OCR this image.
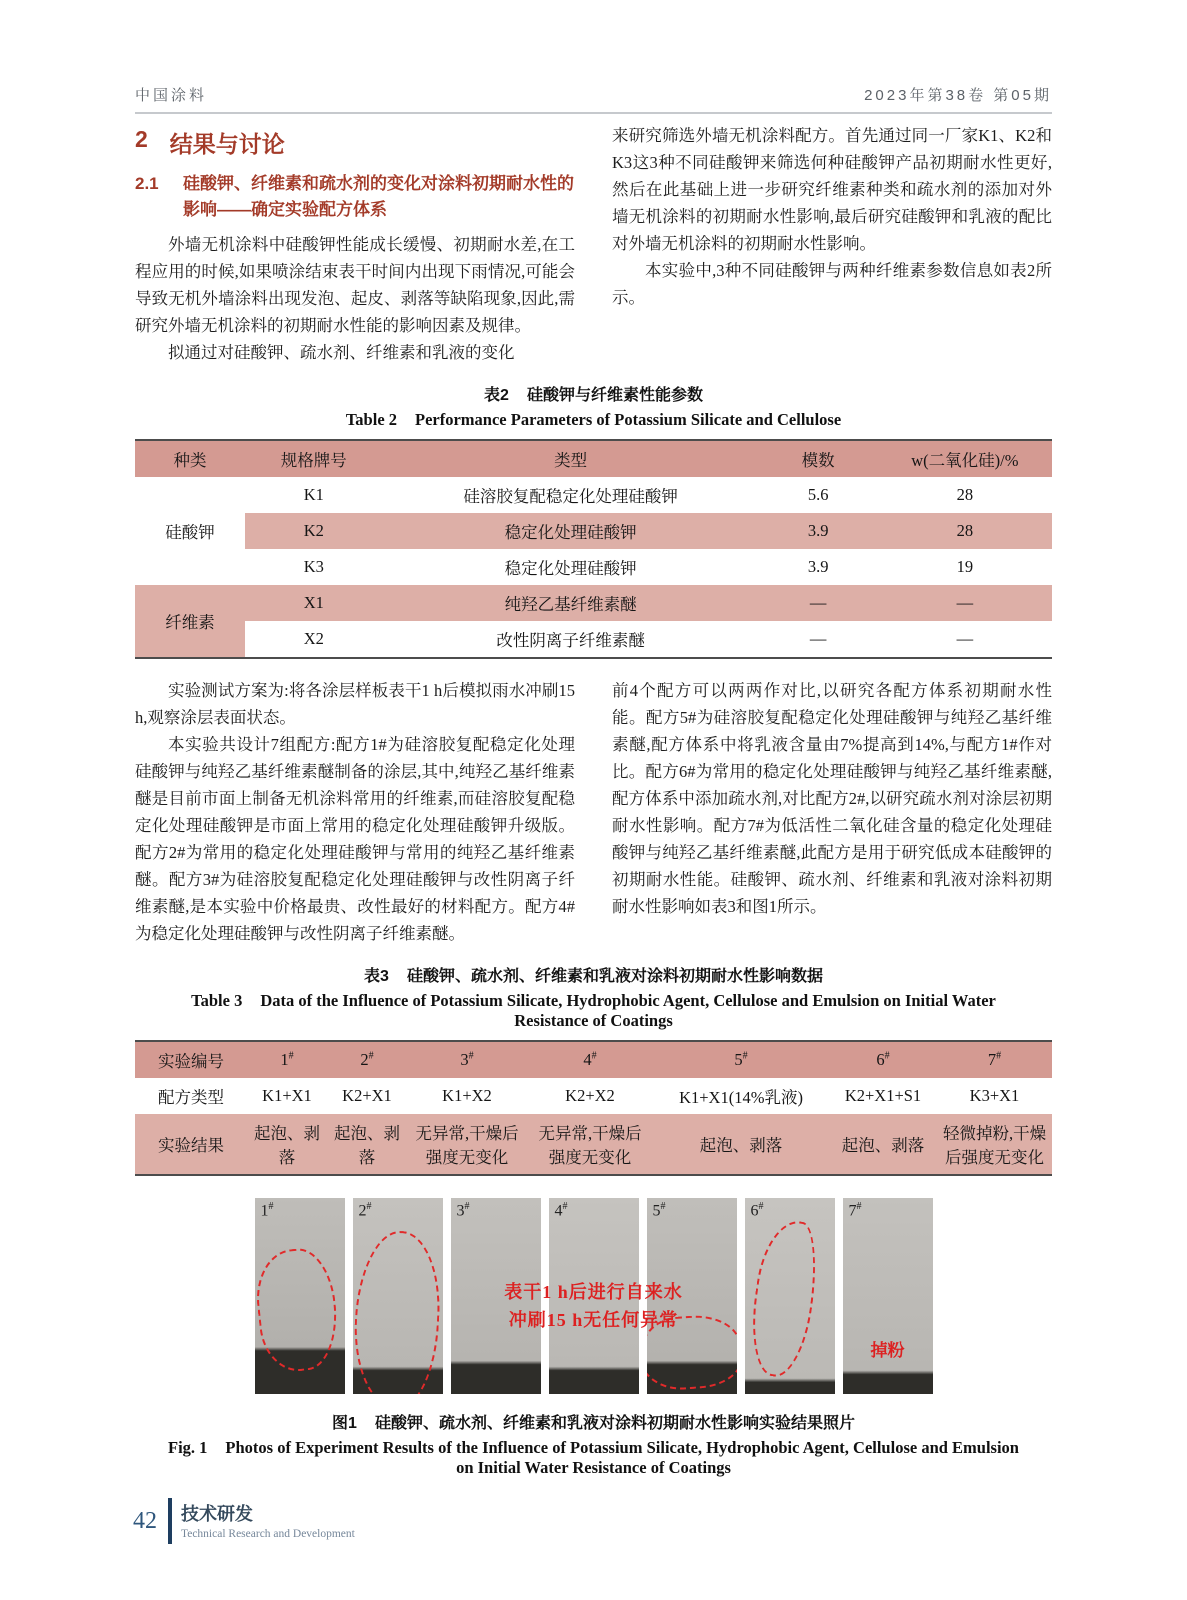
中国涂料	2023年第38卷 第05期
2 结果与讨论
2.1	硅酸钾、纤维素和疏水剂的变化对涂料初期耐水性的影响——确定实验配方体系

外墙无机涂料中硅酸钾性能成长缓慢、初期耐水差,在工程应用的时候,如果喷涂结束表干时间内出现下雨情况,可能会导致无机外墙涂料出现发泡、起皮、剥落等缺陷现象,因此,需研究外墙无机涂料的初期耐水性能的影响因素及规律。

拟通过对硅酸钾、疏水剂、纤维素和乳液的变化

来研究筛选外墙无机涂料配方。首先通过同一厂家K1、K2和K3这3种不同硅酸钾来筛选何种硅酸钾产品初期耐水性更好,然后在此基础上进一步研究纤维素种类和疏水剂的添加对外墙无机涂料的初期耐水性影响,最后研究硅酸钾和乳液的配比对外墙无机涂料的初期耐水性影响。

本实验中,3种不同硅酸钾与两种纤维素参数信息如表2所示。

表2 硅酸钾与纤维素性能参数
Table 2 Performance Parameters of Potassium Silicate and Cellulose
种类	规格牌号	类型	模数	w(二氧化硅)/%
硅酸钾	K1	硅溶胶复配稳定化处理硅酸钾	5.6	28
	K2	稳定化处理硅酸钾	3.9	28
	K3	稳定化处理硅酸钾	3.9	19
纤维素	X1	纯羟乙基纤维素醚	—	—
	X2	改性阴离子纤维素醚	—	—

实验测试方案为:将各涂层样板表干1 h后模拟雨水冲刷15 h,观察涂层表面状态。

本实验共设计7组配方:配方1#为硅溶胶复配稳定化处理硅酸钾与纯羟乙基纤维素醚制备的涂层,其中,纯羟乙基纤维素醚是目前市面上制备无机涂料常用的纤维素,而硅溶胶复配稳定化处理硅酸钾是市面上常用的稳定化处理硅酸钾升级版。配方2#为常用的稳定化处理硅酸钾与常用的纯羟乙基纤维素醚。配方3#为硅溶胶复配稳定化处理硅酸钾与改性阴离子纤维素醚,是本实验中价格最贵、改性最好的材料配方。配方4#为稳定化处理硅酸钾与改性阴离子纤维素醚。

前4个配方可以两两作对比,以研究各配方体系初期耐水性能。配方5#为硅溶胶复配稳定化处理硅酸钾与纯羟乙基纤维素醚,配方体系中将乳液含量由7%提高到14%,与配方1#作对比。配方6#为常用的稳定化处理硅酸钾与纯羟乙基纤维素醚,配方体系中添加疏水剂,对比配方2#,以研究疏水剂对涂层初期耐水性影响。配方7#为低活性二氧化硅含量的稳定化处理硅酸钾与纯羟乙基纤维素醚,此配方是用于研究低成本硅酸钾的初期耐水性能。硅酸钾、疏水剂、纤维素和乳液对涂料初期耐水性影响如表3和图1所示。

表3 硅酸钾、疏水剂、纤维素和乳液对涂料初期耐水性影响数据
Table 3 Data of the Influence of Potassium Silicate, Hydrophobic Agent, Cellulose and Emulsion on Initial Water
Resistance of Coatings
实验编号	1#	2#	3#	4#	5#	6#	7#
配方类型	K1+X1	K2+X1	K1+X2	K2+X2	K1+X1(14%乳液)	K2+X1+S1	K3+X1
实验结果	起泡、剥落	起泡、剥落	无异常,干燥后强度无变化	无异常,干燥后强度无变化	起泡、剥落	起泡、剥落	轻微掉粉,干燥后强度无变化
1#	2#	3#	4#	5#	6#	7#
掉粉
表干1 h后进行自来水
冲刷15 h无任何异常
图1 硅酸钾、疏水剂、纤维素和乳液对涂料初期耐水性影响实验结果照片
Fig. 1 Photos of Experiment Results of the Influence of Potassium Silicate, Hydrophobic Agent, Cellulose and Emulsion
on Initial Water Resistance of Coatings
42 技术研发
Technical Research and Development
